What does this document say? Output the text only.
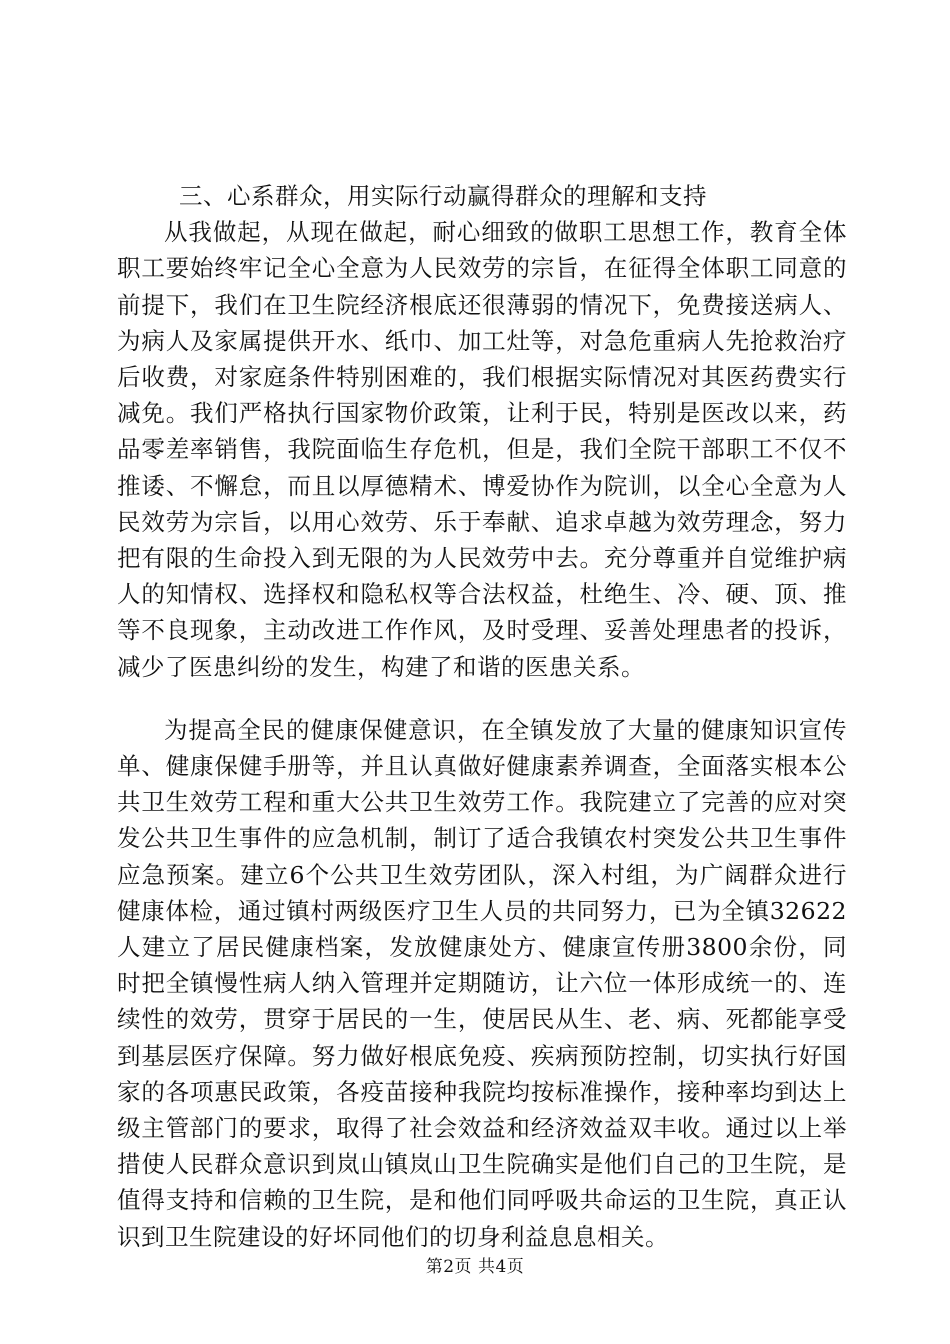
三、心系群众，用实际行动赢得群众的理解和支持

从我做起，从现在做起，耐心细致的做职工思想工作，教育全体职工要始终牢记全心全意为人民效劳的宗旨，在征得全体职工同意的前提下，我们在卫生院经济根底还很薄弱的情况下，免费接送病人、为病人及家属提供开水、纸巾、加工灶等，对急危重病人先抢救治疗后收费，对家庭条件特别困难的，我们根据实际情况对其医药费实行减免。我们严格执行国家物价政策，让利于民，特别是医改以来，药品零差率销售，我院面临生存危机，但是，我们全院干部职工不仅不推诿、不懈怠，而且以厚德精术、博爱协作为院训，以全心全意为人民效劳为宗旨，以用心效劳、乐于奉献、追求卓越为效劳理念，努力把有限的生命投入到无限的为人民效劳中去。充分尊重并自觉维护病人的知情权、选择权和隐私权等合法权益，杜绝生、冷、硬、顶、推等不良现象，主动改进工作作风，及时受理、妥善处理患者的投诉，减少了医患纠纷的发生，构建了和谐的医患关系。

为提高全民的健康保健意识，在全镇发放了大量的健康知识宣传单、健康保健手册等，并且认真做好健康素养调查，全面落实根本公共卫生效劳工程和重大公共卫生效劳工作。我院建立了完善的应对突发公共卫生事件的应急机制，制订了适合我镇农村突发公共卫生事件应急预案。建立6个公共卫生效劳团队，深入村组，为广阔群众进行健康体检，通过镇村两级医疗卫生人员的共同努力，已为全镇32622人建立了居民健康档案，发放健康处方、健康宣传册3800余份，同时把全镇慢性病人纳入管理并定期随访，让六位一体形成统一的、连续性的效劳，贯穿于居民的一生，使居民从生、老、病、死都能享受到基层医疗保障。努力做好根底免疫、疾病预防控制，切实执行好国家的各项惠民政策，各疫苗接种我院均按标准操作，接种率均到达上级主管部门的要求，取得了社会效益和经济效益双丰收。通过以上举措使人民群众意识到岚山镇岚山卫生院确实是他们自己的卫生院，是值得支持和信赖的卫生院，是和他们同呼吸共命运的卫生院，真正认识到卫生院建设的好坏同他们的切身利益息息相关。

第2页 共4页
